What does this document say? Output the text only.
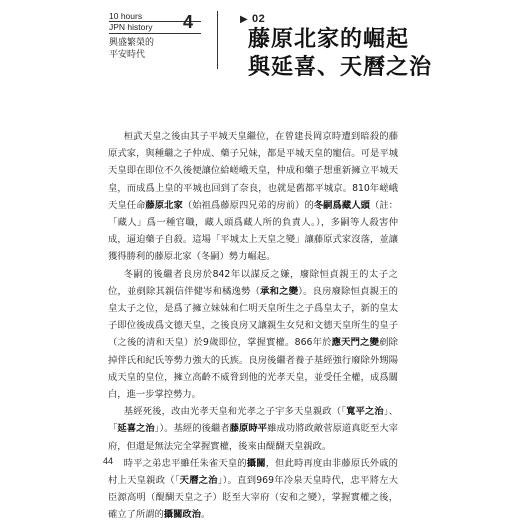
10 hours
JPN history
興盛繁榮的
平安時代
4	▶ 02
藤原北家的崛起
與延喜、天曆之治

桓武天皇之後由其子平城天皇繼位，在曾建長岡京時遭到暗殺的藤原式家，與種繼之子仲成、藥子兄妹，都是平城天皇的寵信。可是平城天皇即在即位不久後便讓位給嵯峨天皇，仲成和藥子想重新擁立平城天皇，而成爲上皇的平城也回到了奈良，也就是舊都平城京。810年嵯峨天皇任命藤原北家（始祖爲藤原四兄弟的房前）的冬嗣爲藏人頭（註：「藏人」爲一種官職，藏人頭爲藏人所的負責人。），多嗣等人殺害仲成，逼迫藥子自殺。這場「平城太上天皇之變」讓藤原式家沒落，並讓獲得勝利的藤原北家（冬嗣）勢力崛起。

冬嗣的後繼者良房於842年以謀反之嫌，廢除恒貞親王的太子之位，並剷除其親信伴健岑和橘逸勢（承和之變）。良房廢除恒貞親王的皇太子之位，是爲了擁立妹妹和仁明天皇所生之子爲皇太子，新的皇太子即位後成爲文德天皇，之後良房又讓親生女兒和文德天皇所生的皇子（之後的清和天皇）於9歲即位，掌握實權。866年於應天門之變剷除掉伴氏和紀氏等勢力強大的氏族。良房後繼者養子基經強行廢除外甥陽成天皇的皇位，擁立高齡不威脅到他的光孝天皇，並受任全權，成爲關白，進一步掌控勢力。

基經死後，改由光孝天皇和光孝之子宇多天皇親政（「寬平之治」、「延喜之治」）。基經的後繼者藤原時平雖成功將政敵菅原道真貶至大宰府，但還是無法完全掌握實權，後來由醍醐天皇親政。

時平之弟忠平雖任朱雀天皇的攝關，但此時再度由非藤原氏外戚的村上天皇親政（「天曆之治」）。直到969年冷泉天皇時代，忠平將左大臣源高明（醍醐天皇之子）貶至大宰府（安和之變），掌握實權之後，確立了所謂的攝關政治。

44
